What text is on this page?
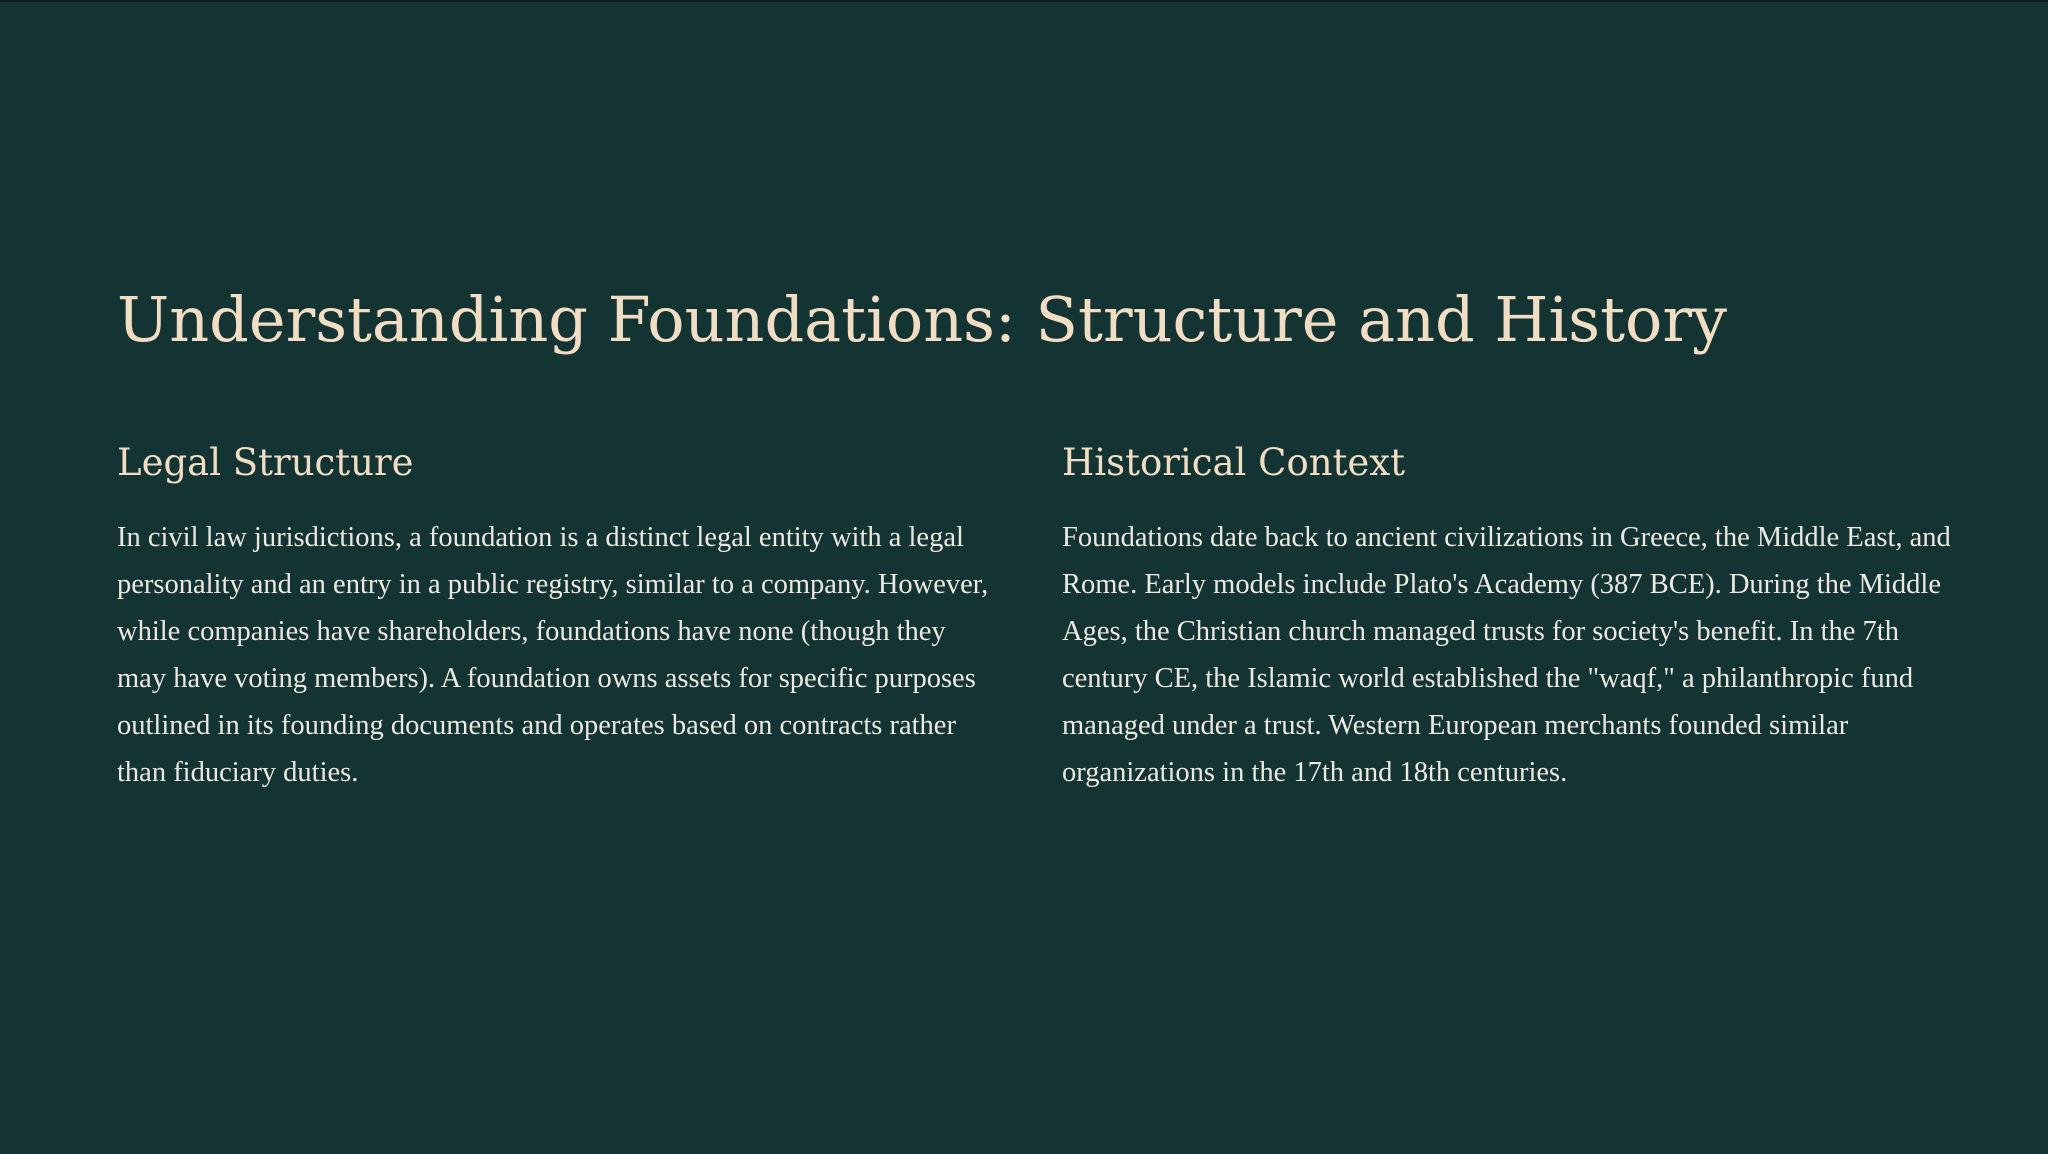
Understanding Foundations: Structure and History
Legal Structure

In civil law jurisdictions, a foundation is a distinct legal entity with a legal personality and an entry in a public registry, similar to a company. However, while companies have shareholders, foundations have none (though they may have voting members). A foundation owns assets for specific purposes outlined in its founding documents and operates based on contracts rather than fiduciary duties.

Historical Context

Foundations date back to ancient civilizations in Greece, the Middle East, and Rome. Early models include Plato's Academy (387 BCE). During the Middle Ages, the Christian church managed trusts for society's benefit. In the 7th century CE, the Islamic world established the "waqf," a philanthropic fund managed under a trust. Western European merchants founded similar organizations in the 17th and 18th centuries.
